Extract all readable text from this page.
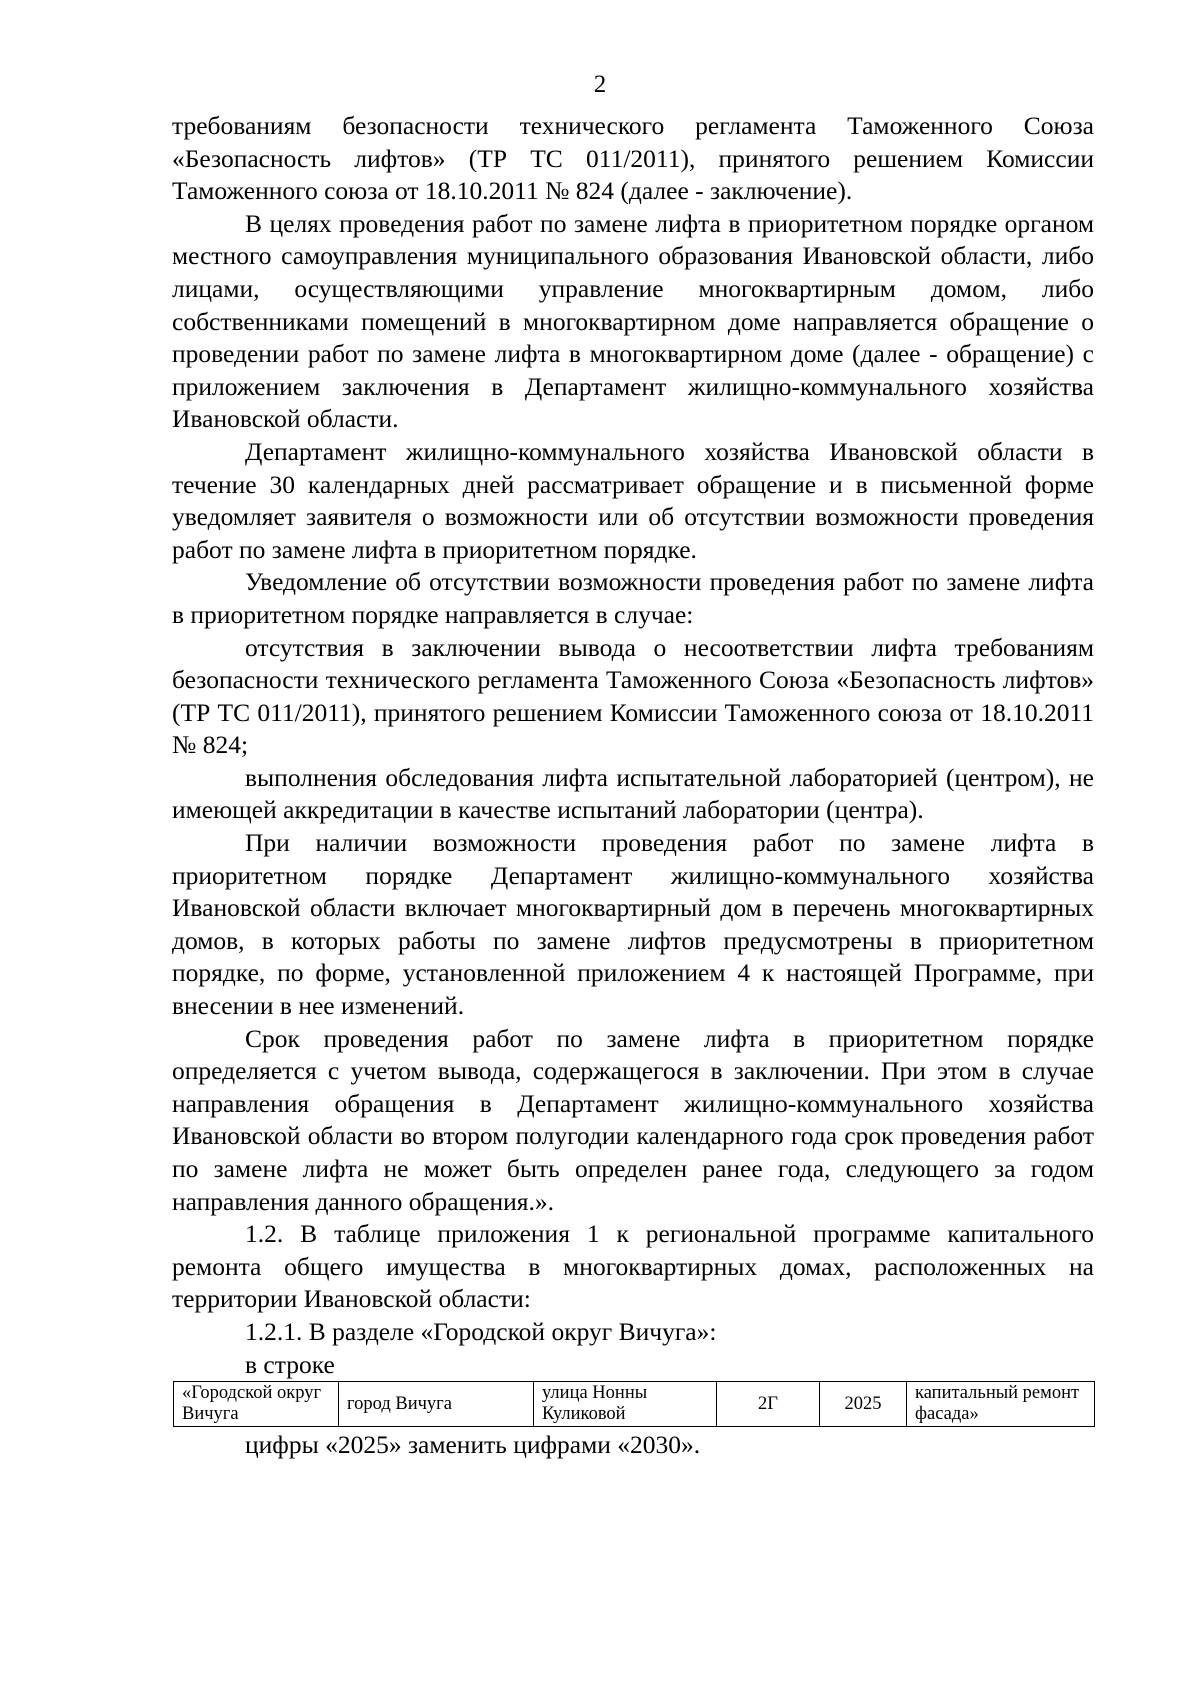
2

требованиям безопасности технического регламента Таможенного Союза «Безопасность лифтов» (ТР ТС 011/2011), принятого решением Комиссии Таможенного союза от 18.10.2011 № 824 (далее - заключение).

В целях проведения работ по замене лифта в приоритетном порядке органом местного самоуправления муниципального образования Ивановской области, либо лицами, осуществляющими управление многоквартирным домом, либо собственниками помещений в многоквартирном доме направляется обращение о проведении работ по замене лифта в многоквартирном доме (далее - обращение) с приложением заключения в Департамент жилищно-коммунального хозяйства Ивановской области.

Департамент жилищно-коммунального хозяйства Ивановской области в течение 30 календарных дней рассматривает обращение и в письменной форме уведомляет заявителя о возможности или об отсутствии возможности проведения работ по замене лифта в приоритетном порядке.

Уведомление об отсутствии возможности проведения работ по замене лифта в приоритетном порядке направляется в случае:

отсутствия в заключении вывода о несоответствии лифта требованиям безопасности технического регламента Таможенного Союза «Безопасность лифтов» (ТР ТС 011/2011), принятого решением Комиссии Таможенного союза от 18.10.2011 № 824;

выполнения обследования лифта испытательной лабораторией (центром), не имеющей аккредитации в качестве испытаний лаборатории (центра).

При наличии возможности проведения работ по замене лифта в приоритетном порядке Департамент жилищно-коммунального хозяйства Ивановской области включает многоквартирный дом в перечень многоквартирных домов, в которых работы по замене лифтов предусмотрены в приоритетном порядке, по форме, установленной приложением 4 к настоящей Программе, при внесении в нее изменений.

Срок проведения работ по замене лифта в приоритетном порядке определяется с учетом вывода, содержащегося в заключении. При этом в случае направления обращения в Департамент жилищно-коммунального хозяйства Ивановской области во втором полугодии календарного года срок проведения работ по замене лифта не может быть определен ранее года, следующего за годом направления данного обращения.».

1.2. В таблице приложения 1 к региональной программе капитального ремонта общего имущества в многоквартирных домах, расположенных на территории Ивановской области:

1.2.1. В разделе «Городской округ Вичуга»:

в строке

«Городской округ Вичуга	город Вичуга	улица Нонны Куликовой	2Г	2025	капитальный ремонт фасада»

цифры «2025» заменить цифрами «2030».
